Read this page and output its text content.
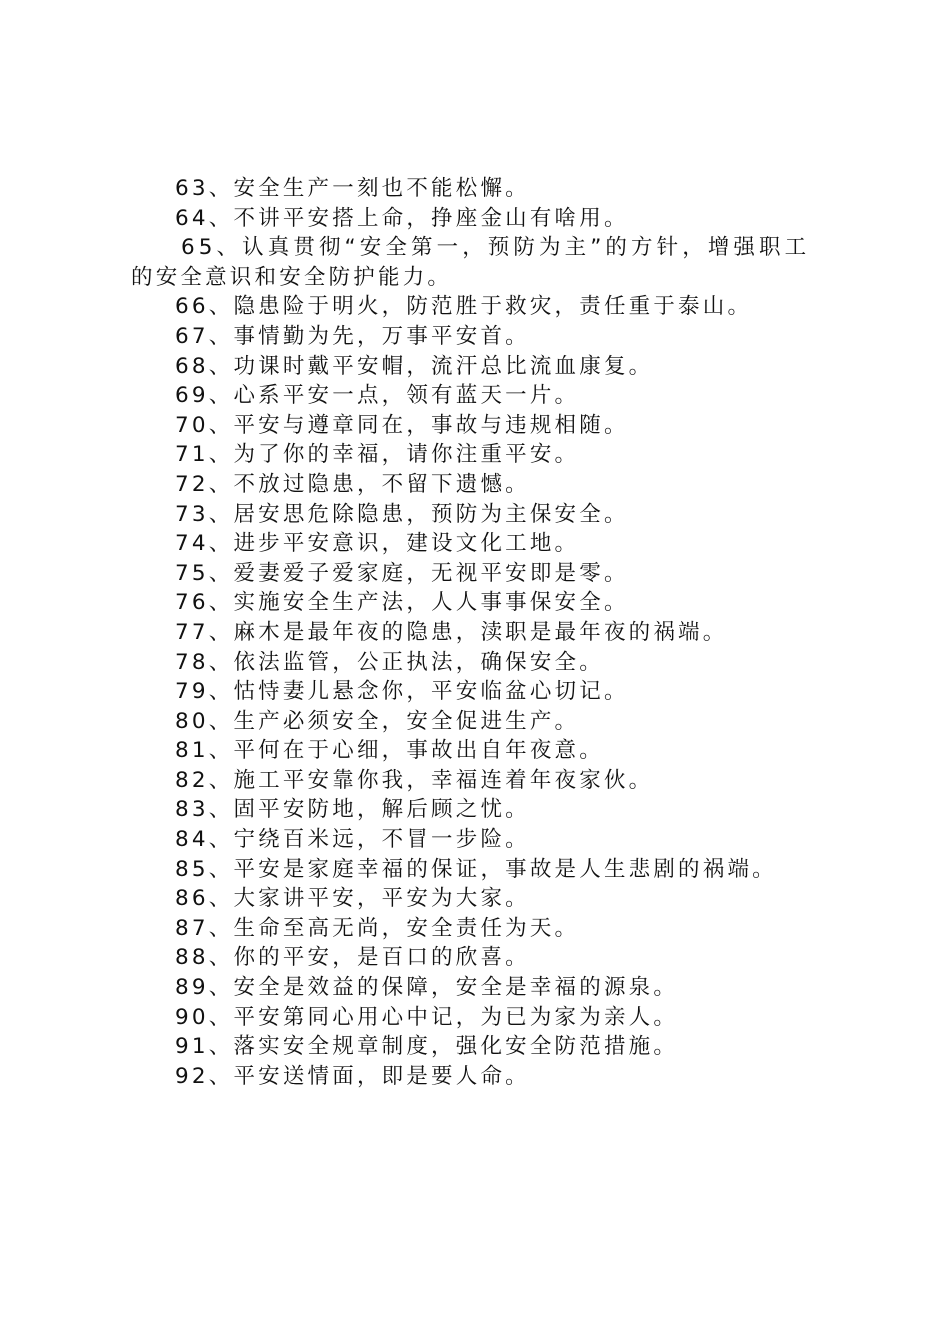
63、安全生产一刻也不能松懈。
64、不讲平安搭上命，挣座金山有啥用。
65、认真贯彻“安全第一，预防为主”的方针，增强职工
的安全意识和安全防护能力。
66、隐患险于明火，防范胜于救灾，责任重于泰山。
67、事情勤为先，万事平安首。
68、功课时戴平安帽，流汗总比流血康复。
69、心系平安一点，领有蓝天一片。
70、平安与遵章同在，事故与违规相随。
71、为了你的幸福，请你注重平安。
72、不放过隐患，不留下遗憾。
73、居安思危除隐患，预防为主保安全。
74、进步平安意识，建设文化工地。
75、爱妻爱子爱家庭，无视平安即是零。
76、实施安全生产法，人人事事保安全。
77、麻木是最年夜的隐患，渎职是最年夜的祸端。
78、依法监管，公正执法，确保安全。
79、怙恃妻儿悬念你，平安临盆心切记。
80、生产必须安全，安全促进生产。
81、平何在于心细，事故出自年夜意。
82、施工平安靠你我，幸福连着年夜家伙。
83、固平安防地，解后顾之忧。
84、宁绕百米远，不冒一步险。
85、平安是家庭幸福的保证，事故是人生悲剧的祸端。
86、大家讲平安，平安为大家。
87、生命至高无尚，安全责任为天。
88、你的平安，是百口的欣喜。
89、安全是效益的保障，安全是幸福的源泉。
90、平安第同心用心中记，为已为家为亲人。
91、落实安全规章制度，强化安全防范措施。
92、平安送情面，即是要人命。
